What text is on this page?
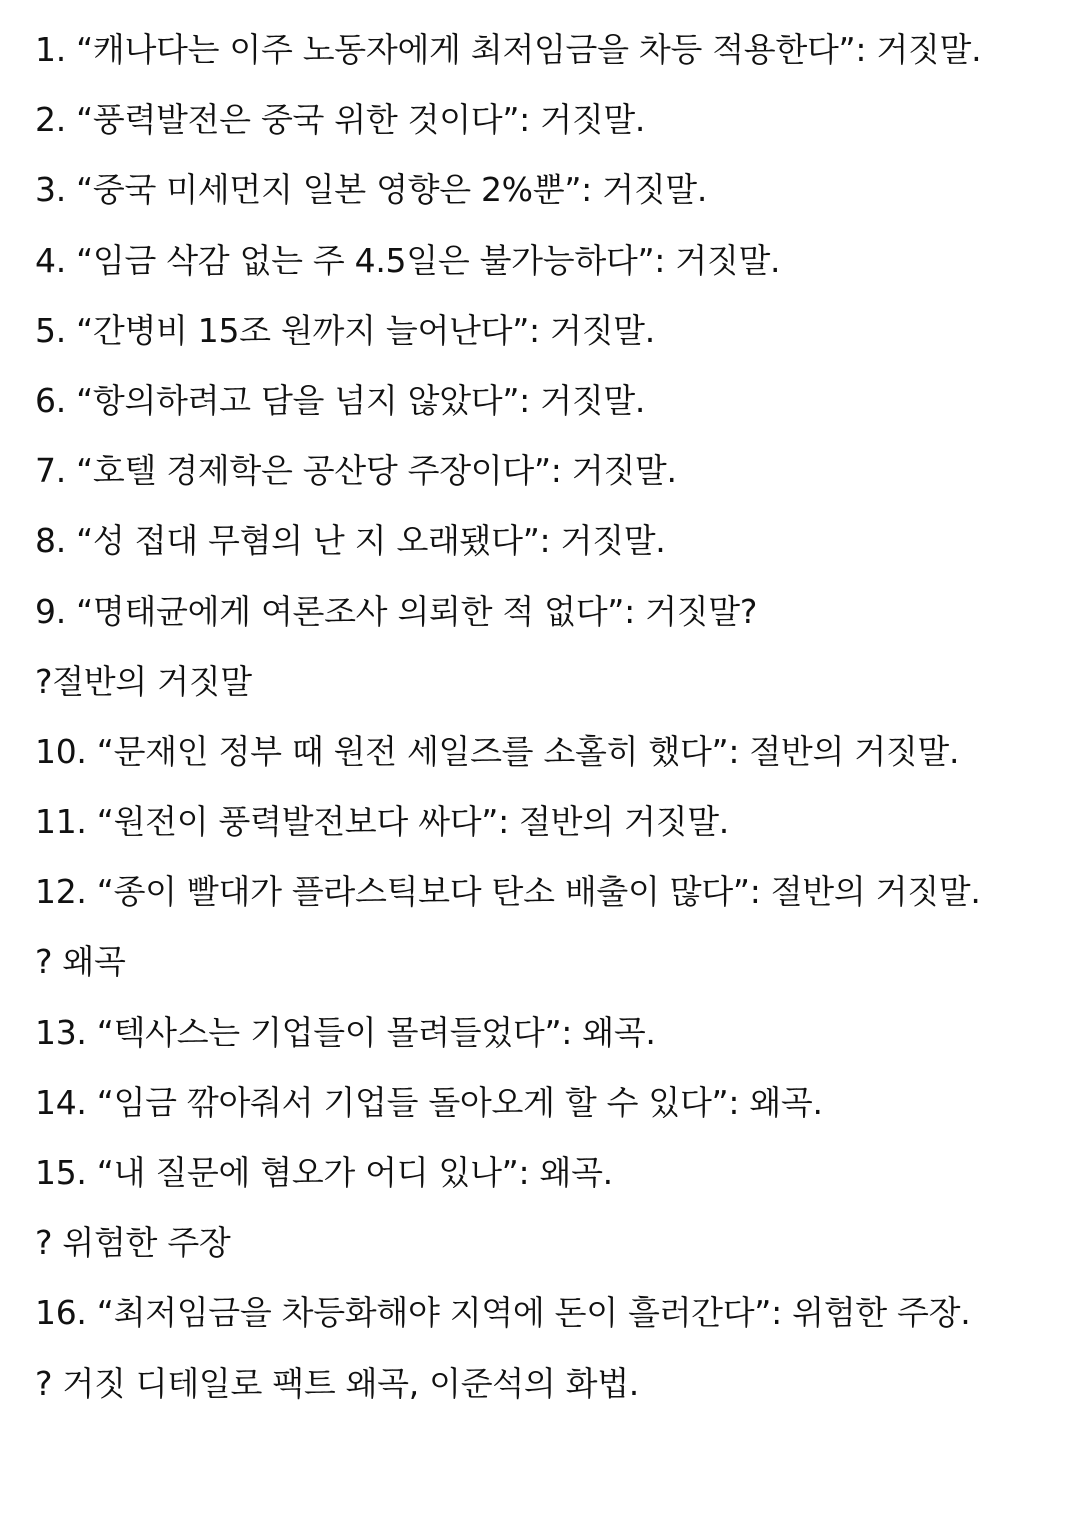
1. “캐나다는 이주 노동자에게 최저임금을 차등 적용한다”: 거짓말.
2. “풍력발전은 중국 위한 것이다”: 거짓말.
3. “중국 미세먼지 일본 영향은 2%뿐”: 거짓말.
4. “임금 삭감 없는 주 4.5일은 불가능하다”: 거짓말.
5. “간병비 15조 원까지 늘어난다”: 거짓말.
6. “항의하려고 담을 넘지 않았다”: 거짓말.
7. “호텔 경제학은 공산당 주장이다”: 거짓말.
8. “성 접대 무혐의 난 지 오래됐다”: 거짓말.
9. “명태균에게 여론조사 의뢰한 적 없다”: 거짓말?
?절반의 거짓말
10. “문재인 정부 때 원전 세일즈를 소홀히 했다”: 절반의 거짓말.
11. “원전이 풍력발전보다 싸다”: 절반의 거짓말.
12. “종이 빨대가 플라스틱보다 탄소 배출이 많다”: 절반의 거짓말.
? 왜곡
13. “텍사스는 기업들이 몰려들었다”: 왜곡.
14. “임금 깎아줘서 기업들 돌아오게 할 수 있다”: 왜곡.
15. “내 질문에 혐오가 어디 있나”: 왜곡.
? 위험한 주장
16. “최저임금을 차등화해야 지역에 돈이 흘러간다”: 위험한 주장.
? 거짓 디테일로 팩트 왜곡, 이준석의 화법.
